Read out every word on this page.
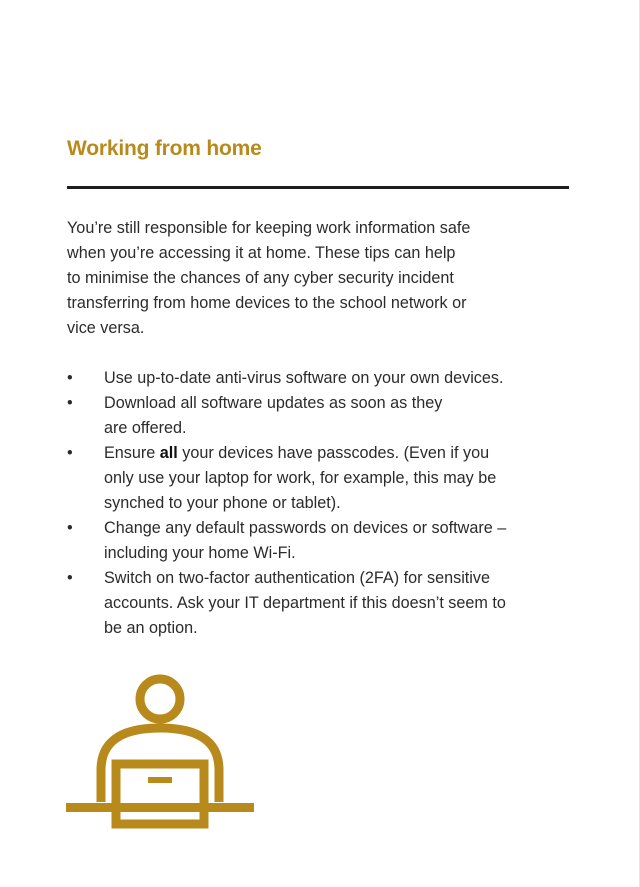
Working from home

You’re still responsible for keeping work information safe
when you’re accessing it at home. These tips can help
to minimise the chances of any cyber security incident
transferring from home devices to the school network or
vice versa.

• Use up-to-date anti-virus software on your own devices.
• Download all software updates as soon as they
are offered.
• Ensure all your devices have passcodes. (Even if you
only use your laptop for work, for example, this may be
synched to your phone or tablet).
• Change any default passwords on devices or software –
including your home Wi-Fi.
• Switch on two-factor authentication (2FA) for sensitive
accounts. Ask your IT department if this doesn’t seem to
be an option.
